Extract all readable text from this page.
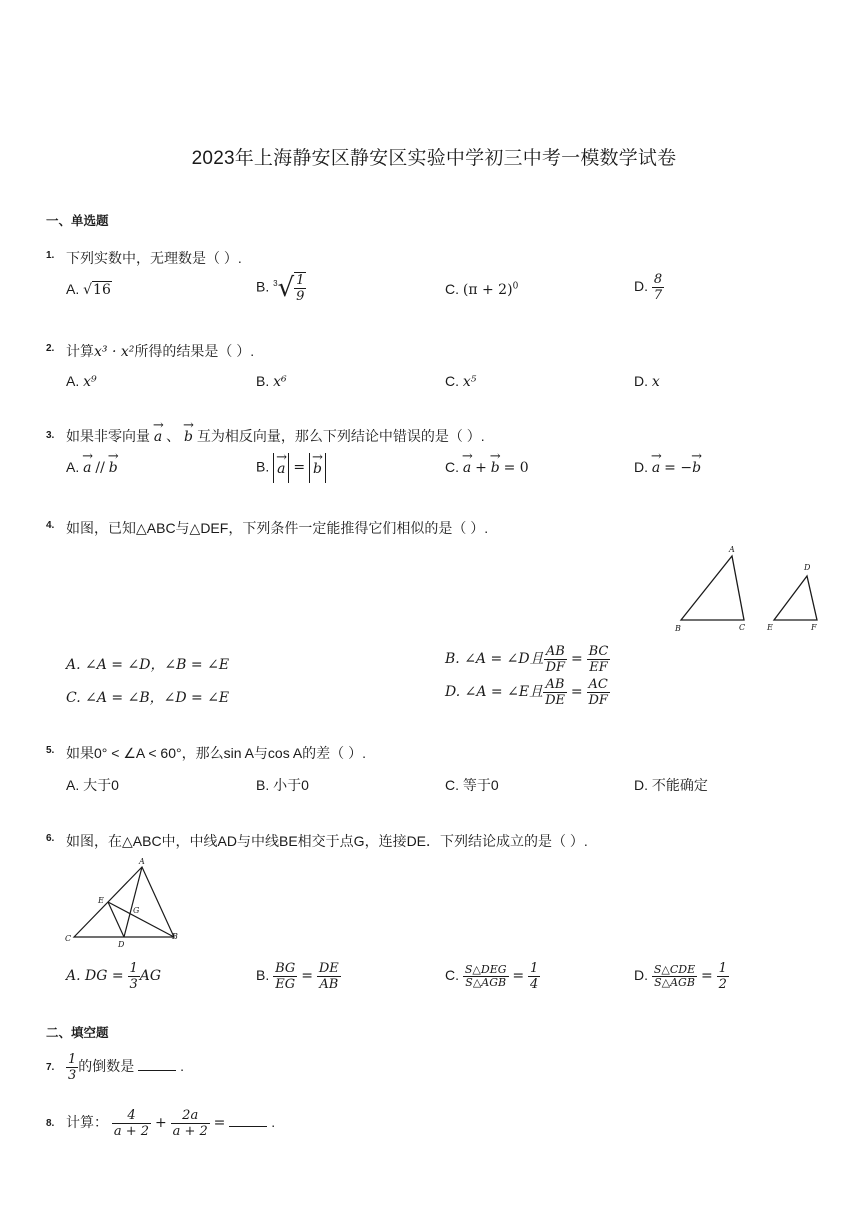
2023年上海静安区静安区实验中学初三中考一模数学试卷
一、单选题
1. 下列实数中，无理数是（ ）.
A. √16	B. $^3√ \frac{1}{9}$	C. $(\pi + 2)^0$	D. $\frac{8}{7}$
2. 计算x³ · x²所得的结果是（ ）.
A. x⁹	B. x⁶	C. x⁵	D. x
3. 如果非零向量 → a 、 → b 互为相反向量，那么下列结论中错误的是（ ）.
A. → a // → b	B. → a = → b	C. → a + → b = 0	D. → a = −→ b
4. 如图，已知△ABC与△DEF，下列条件一定能推得它们相似的是（ ）.
A
B	C
D
E	F
A. ∠A = ∠D，∠B = ∠E	B. ∠A = ∠D且 $\frac{AB}{DF} = \frac{BC}{EF}$
C. ∠A = ∠B，∠D = ∠E	D. ∠A = ∠E且 $\frac{AB}{DE} = \frac{AC}{DF}$
5. 如果0° < ∠A < 60°，那么sin A与cos A的差（ ）.
A. 大于0	B. 小于0	C. 等于0	D. 不能确定
6. 如图，在△ABC中，中线AD与中线BE相交于点G，连接DE．下列结论成立的是（ ）.
A
E
G
C
D
B
A. DG = $\frac{1}{3}$ AG	B. $\frac{BG}{EG} = \frac{DE}{AB}$	C. $\frac{\text{S△DEG}}{\text{S△AGB}} = \frac{1}{4}$	D. $\frac{\text{S△CDE}}{\text{S△AGB}} = \frac{1}{2}$
二、填空题
7. $\frac{1}{3}$ 的倒数是	.
8. 计算： $\frac{4}{a + 2} + \frac{2a}{a + 2}$ =	.
